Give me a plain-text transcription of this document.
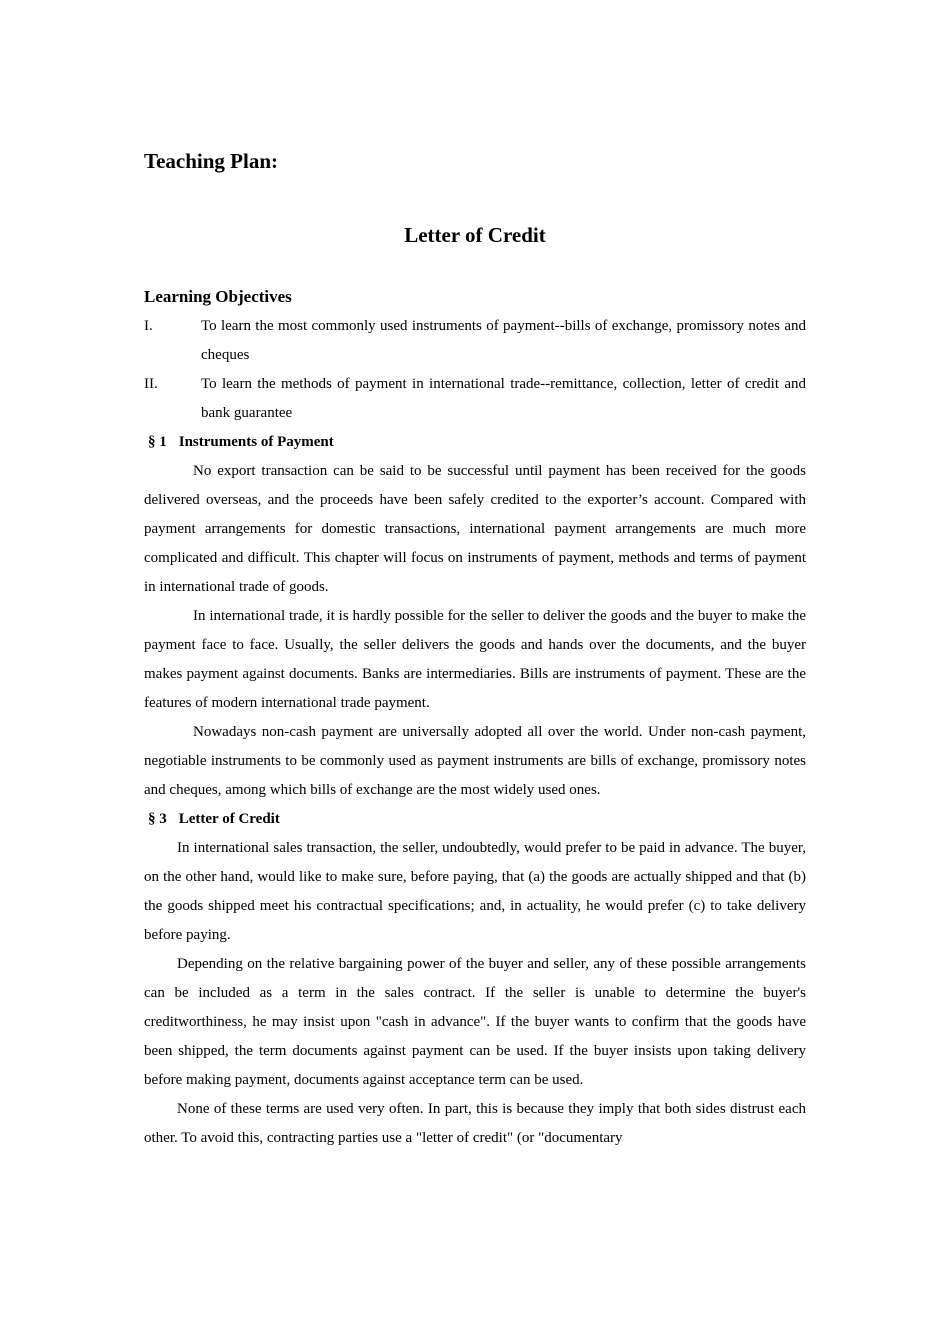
Teaching Plan:
Letter of Credit
Learning Objectives
I.	To learn the most commonly used instruments of payment--bills of exchange, promissory notes and cheques
II.	To learn the methods of payment in international trade--remittance, collection, letter of credit and bank guarantee
§ 1 Instruments of Payment

No export transaction can be said to be successful until payment has been received for the goods delivered overseas, and the proceeds have been safely credited to the exporter’s account. Compared with payment arrangements for domestic transactions, international payment arrangements are much more complicated and difficult. This chapter will focus on instruments of payment, methods and terms of payment in international trade of goods.

In international trade, it is hardly possible for the seller to deliver the goods and the buyer to make the payment face to face. Usually, the seller delivers the goods and hands over the documents, and the buyer makes payment against documents. Banks are intermediaries. Bills are instruments of payment. These are the features of modern international trade payment.

Nowadays non-cash payment are universally adopted all over the world. Under non-cash payment, negotiable instruments to be commonly used as payment instruments are bills of exchange, promissory notes and cheques, among which bills of exchange are the most widely used ones.

§ 3 Letter of Credit

In international sales transaction, the seller, undoubtedly, would prefer to be paid in advance. The buyer, on the other hand, would like to make sure, before paying, that (a) the goods are actually shipped and that (b) the goods shipped meet his contractual specifications; and, in actuality, he would prefer (c) to take delivery before paying.

Depending on the relative bargaining power of the buyer and seller, any of these possible arrangements can be included as a term in the sales contract. If the seller is unable to determine the buyer's creditworthiness, he may insist upon "cash in advance". If the buyer wants to confirm that the goods have been shipped, the term documents against payment can be used. If the buyer insists upon taking delivery before making payment, documents against acceptance term can be used.

None of these terms are used very often. In part, this is because they imply that both sides distrust each other. To avoid this, contracting parties use a "letter of credit" (or "documentary
